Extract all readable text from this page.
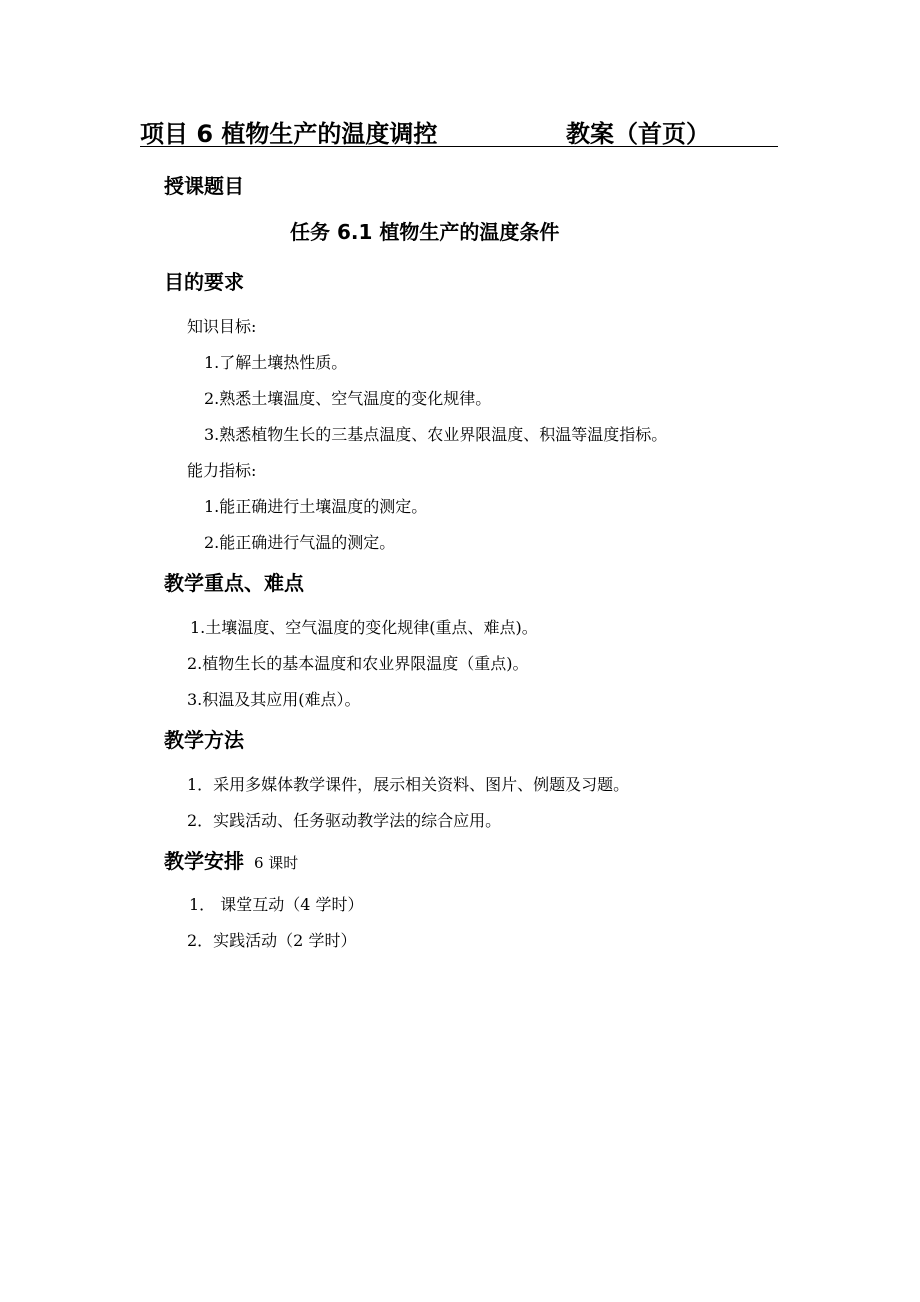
项目 6 植物生产的温度调控	教案（首页）
授课题目
任务 6.1 植物生产的温度条件
目的要求
知识目标:
1.了解土壤热性质。
2.熟悉土壤温度、空气温度的变化规律。
3.熟悉植物生长的三基点温度、农业界限温度、积温等温度指标。
能力指标:
1.能正确进行土壤温度的测定。
2.能正确进行气温的测定。
教学重点、难点
1.土壤温度、空气温度的变化规律(重点、难点)。
2.植物生长的基本温度和农业界限温度（重点)。
3.积温及其应用(难点）。
教学方法
1．采用多媒体教学课件，展示相关资料、图片、例题及习题。
2．实践活动、任务驱动教学法的综合应用。
教学安排 6 课时
1． 课堂互动（4 学时）
2．实践活动（2 学时）
